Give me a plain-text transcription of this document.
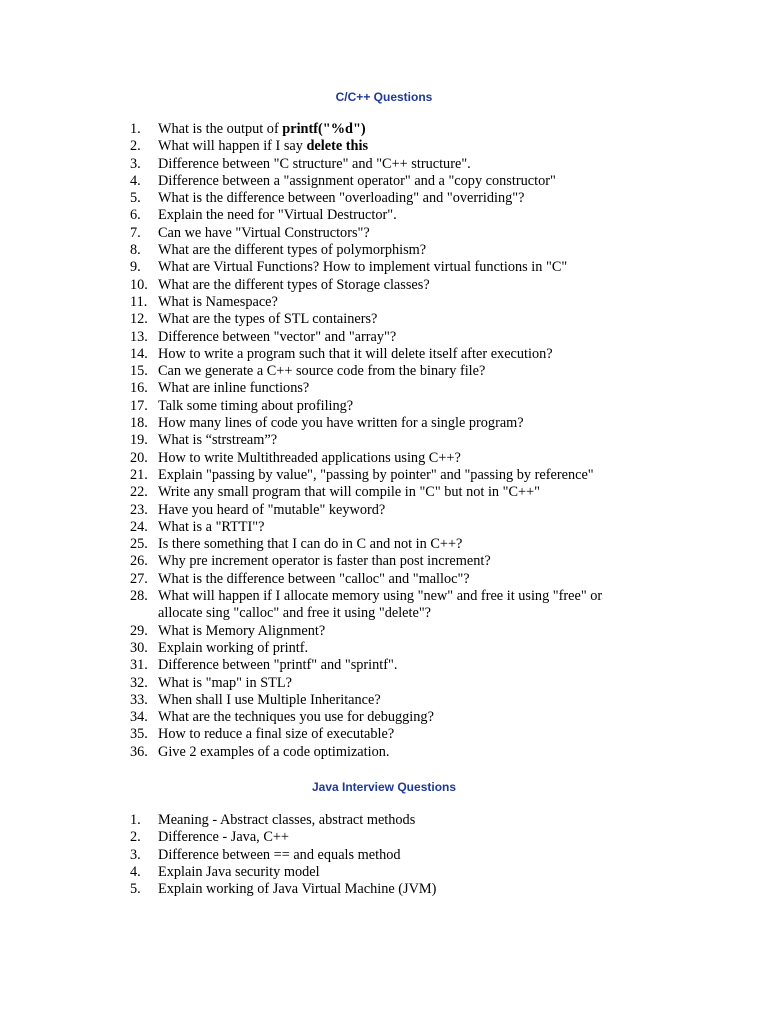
C/C++ Questions
1. What is the output of printf("%d")
2. What will happen if I say delete this
3. Difference between "C structure" and "C++ structure".
4. Difference between a "assignment operator" and a "copy constructor"
5. What is the difference between "overloading" and "overriding"?
6. Explain the need for "Virtual Destructor".
7. Can we have "Virtual Constructors"?
8. What are the different types of polymorphism?
9. What are Virtual Functions? How to implement virtual functions in "C"
10. What are the different types of Storage classes?
11. What is Namespace?
12. What are the types of STL containers?
13. Difference between "vector" and "array"?
14. How to write a program such that it will delete itself after execution?
15. Can we generate a C++ source code from the binary file?
16. What are inline functions?
17. Talk some timing about profiling?
18. How many lines of code you have written for a single program?
19. What is “strstream”?
20. How to write Multithreaded applications using C++?
21. Explain "passing by value", "passing by pointer" and "passing by reference"
22. Write any small program that will compile in "C" but not in "C++"
23. Have you heard of "mutable" keyword?
24. What is a "RTTI"?
25. Is there something that I can do in C and not in C++?
26. Why pre increment operator is faster than post increment?
27. What is the difference between "calloc" and "malloc"?
28. What will happen if I allocate memory using "new" and free it using "free" or allocate sing "calloc" and free it using "delete"?
29. What is Memory Alignment?
30. Explain working of printf.
31. Difference between "printf" and "sprintf".
32. What is "map" in STL?
33. When shall I use Multiple Inheritance?
34. What are the techniques you use for debugging?
35. How to reduce a final size of executable?
36. Give 2 examples of a code optimization.
Java Interview Questions
1. Meaning - Abstract classes, abstract methods
2. Difference - Java, C++
3. Difference between == and equals method
4. Explain Java security model
5. Explain working of Java Virtual Machine (JVM)
